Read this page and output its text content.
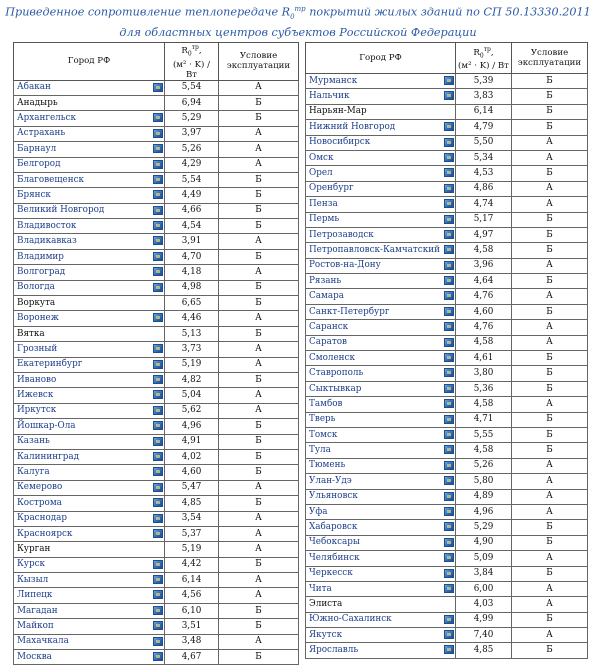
Приведенное сопротивление теплопередаче $R_0^{тр}$ покрытий жилых зданий по СП 50.13330.2011
для областных центров субъектов Российской Федерации
Город РФ	$R_0^{тр}$,
(м² · K) / Вт	Условие эксплуатации
Абакан	5,54	А
Анадырь	6,94	Б
Архангельск	5,29	Б
Астрахань	3,97	А
Барнаул	5,26	А
Белгород	4,29	А
Благовещенск	5,54	Б
Брянск	4,49	Б
Великий Новгород	4,66	Б
Владивосток	4,54	Б
Владикавказ	3,91	А
Владимир	4,70	Б
Волгоград	4,18	А
Вологда	4,98	Б
Воркута	6,65	Б
Воронеж	4,46	А
Вятка	5,13	Б
Грозный	3,73	А
Екатеринбург	5,19	А
Иваново	4,82	Б
Ижевск	5,04	А
Иркутск	5,62	А
Йошкар-Ола	4,96	Б
Казань	4,91	Б
Калининград	4,02	Б
Калуга	4,60	Б
Кемерово	5,47	А
Кострома	4,85	Б
Краснодар	3,54	А
Красноярск	5,37	А
Курган	5,19	А
Курск	4,42	Б
Кызыл	6,14	А
Липецк	4,56	А
Магадан	6,10	Б
Майкоп	3,51	Б
Махачкала	3,48	А
Москва	4,67	Б
Город РФ	$R_0^{тр}$,
(м² · K) / Вт	Условие эксплуатации
Мурманск	5,39	Б
Нальчик	3,83	Б
Нарьян-Мар	6,14	Б
Нижний Новгород	4,79	Б
Новосибирск	5,50	А
Омск	5,34	А
Орел	4,53	Б
Оренбург	4,86	А
Пенза	4,74	А
Пермь	5,17	Б
Петрозаводск	4,97	Б
Петропавловск-Камчатский	4,58	Б
Ростов-на-Дону	3,96	А
Рязань	4,64	Б
Самара	4,76	А
Санкт-Петербург	4,60	Б
Саранск	4,76	А
Саратов	4,58	А
Смоленск	4,61	Б
Ставрополь	3,80	Б
Сыктывкар	5,36	Б
Тамбов	4,58	А
Тверь	4,71	Б
Томск	5,55	Б
Тула	4,58	Б
Тюмень	5,26	А
Улан-Удэ	5,80	А
Ульяновск	4,89	А
Уфа	4,96	А
Хабаровск	5,29	Б
Чебоксары	4,90	Б
Челябинск	5,09	А
Черкесск	3,84	Б
Чита	6,00	А
Элиста	4,03	А
Южно-Сахалинск	4,99	Б
Якутск	7,40	А
Ярославль	4,85	Б
